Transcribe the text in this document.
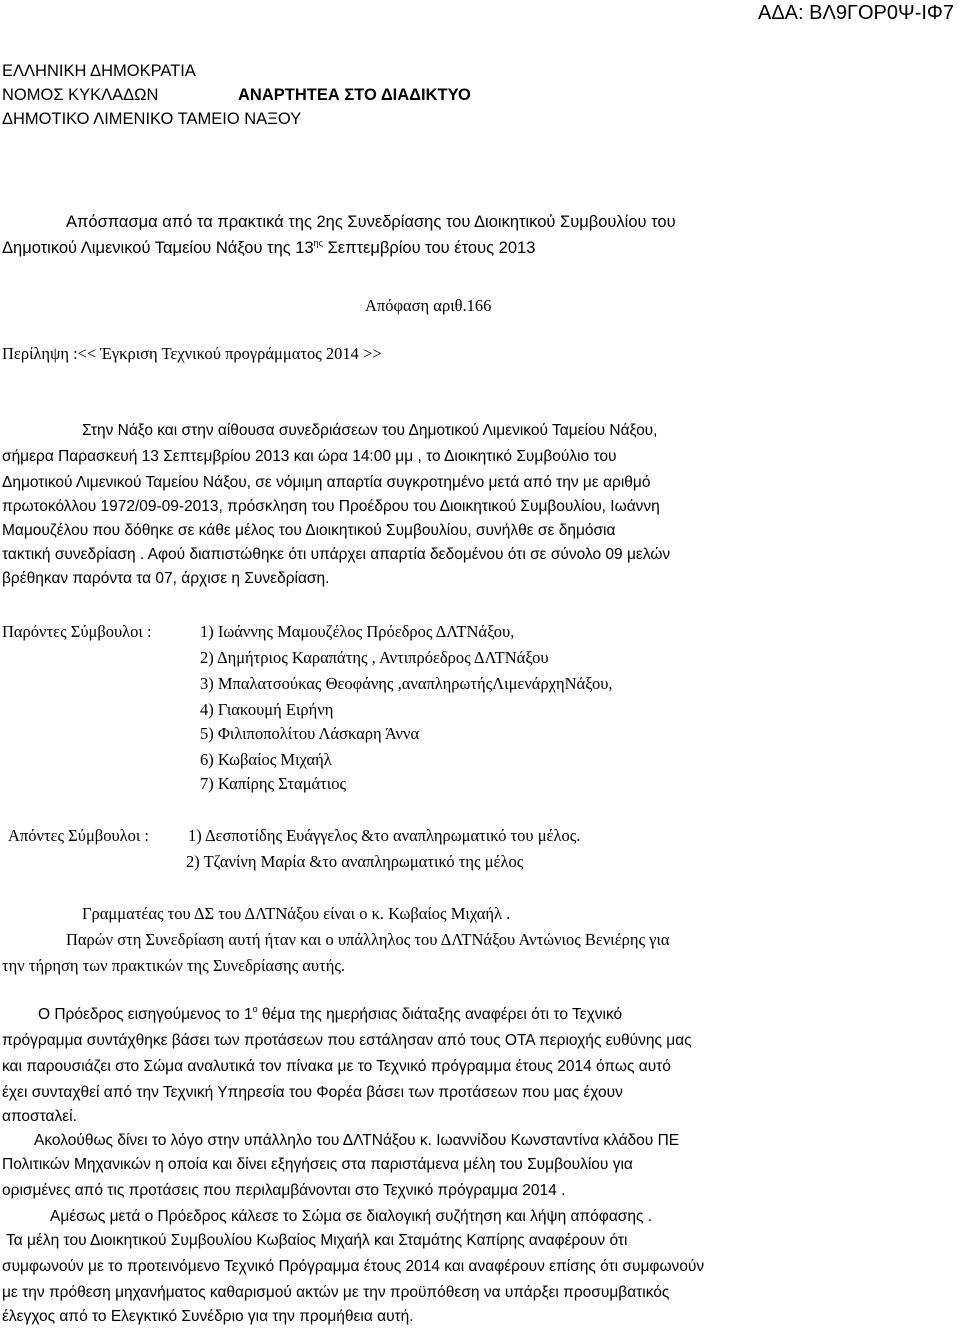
ΑΔΑ: ΒΛ9ΓΟΡ0Ψ-ΙΦ7
ΕΛΛΗΝΙΚΗ ΔΗΜΟΚΡΑΤΙΑ
ΝΟΜΟΣ ΚΥΚΛΑΔΩΝ	ΑΝΑΡΤΗΤΕΑ ΣΤΟ ΔΙΑΔΙΚΤΥΟ
ΔΗΜΟΤΙΚΟ ΛΙΜΕΝΙΚΟ ΤΑΜΕΙΟ ΝΑΞΟΥ
Απόσπασμα από τα πρακτικά της 2ης Συνεδρίασης του Διοικητικού Συμβουλίου του
Δημοτικού Λιμενικού Ταμείου Νάξου της $13^{\eta\varsigma}$ Σεπτεμβρίου του έτους 2013
Απόφαση αριθ.166
Περίληψη :<< Έγκριση Τεχνικού προγράμματος 2014 >>
Στην Νάξο και στην αίθουσα συνεδριάσεων του Δημοτικού Λιμενικού Ταμείου Νάξου,
σήμερα Παρασκευή 13 Σεπτεμβρίου 2013 και ώρα 14:00 μμ , το Διοικητικό Συμβούλιο του
Δημοτικού Λιμενικού Ταμείου Νάξου, σε νόμιμη απαρτία συγκροτημένο μετά από την με αριθμό
πρωτοκόλλου 1972/09-09-2013, πρόσκληση του Προέδρου του Διοικητικού Συμβουλίου, Ιωάννη
Μαμουζέλου που δόθηκε σε κάθε μέλος του Διοικητικού Συμβουλίου, συνήλθε σε δημόσια
τακτική συνεδρίαση . Αφού διαπιστώθηκε ότι υπάρχει απαρτία δεδομένου ότι σε σύνολο 09 μελών
βρέθηκαν παρόντα τα 07, άρχισε η Συνεδρίαση.
Παρόντες Σύμβουλοι :	1) Ιωάννης Μαμουζέλος Πρόεδρος ΔΛΤΝάξου,
2) Δημήτριος Καραπάτης , Αντιπρόεδρος ΔΛΤΝάξου
3) Μπαλατσούκας Θεοφάνης ,αναπληρωτήςΛιμενάρχηΝάξου,
4) Γιακουμή Ειρήνη
5) Φιλιποπολίτου Λάσκαρη Άννα
6) Κωβαίος Μιχαήλ
7) Καπίρης Σταμάτιος
Απόντες Σύμβουλοι : 1) Δεσποτίδης Ευάγγελος &το αναπληρωματικό του μέλος.
2) Τζανίνη Μαρία &το αναπληρωματικό της μέλος
Γραμματέας του ΔΣ του ΔΛΤΝάξου είναι ο κ. Κωβαίος Μιχαήλ .
Παρών στη Συνεδρίαση αυτή ήταν και ο υπάλληλος του ΔΛΤΝάξου Αντώνιος Βενιέρης για
την τήρηση των πρακτικών της Συνεδρίασης αυτής.
Ο Πρόεδρος εισηγούμενος το $1^o$ θέμα της ημερήσιας διάταξης αναφέρει ότι το Τεχνικό
πρόγραμμα συντάχθηκε βάσει των προτάσεων που εστάλησαν από τους ΟΤΑ περιοχής ευθύνης μας
και παρουσιάζει στο Σώμα αναλυτικά τον πίνακα με το Τεχνικό πρόγραμμα έτους 2014 όπως αυτό
έχει συνταχθεί από την Τεχνική Υπηρεσία του Φορέα βάσει των προτάσεων που μας έχουν
αποσταλεί.
Ακολούθως δίνει το λόγο στην υπάλληλο του ΔΛΤΝάξου κ. Ιωαννίδου Κωνσταντίνα κλάδου ΠΕ
Πολιτικών Μηχανικών η οποία και δίνει εξηγήσεις στα παριστάμενα μέλη του Συμβουλίου για
ορισμένες από τις προτάσεις που περιλαμβάνονται στο Τεχνικό πρόγραμμα 2014 .
Αμέσως μετά ο Πρόεδρος κάλεσε το Σώμα σε διαλογική συζήτηση και λήψη απόφασης .
Τα μέλη του Διοικητικού Συμβουλίου Κωβαίος Μιχαήλ και Σταμάτης Καπίρης αναφέρουν ότι
συμφωνούν με το προτεινόμενο Τεχνικό Πρόγραμμα έτους 2014 και αναφέρουν επίσης ότι συμφωνούν
με την πρόθεση μηχανήματος καθαρισμού ακτών με την προϋπόθεση να υπάρξει προσυμβατικός
έλεγχος από το Ελεγκτικό Συνέδριο για την προμήθεια αυτή.
